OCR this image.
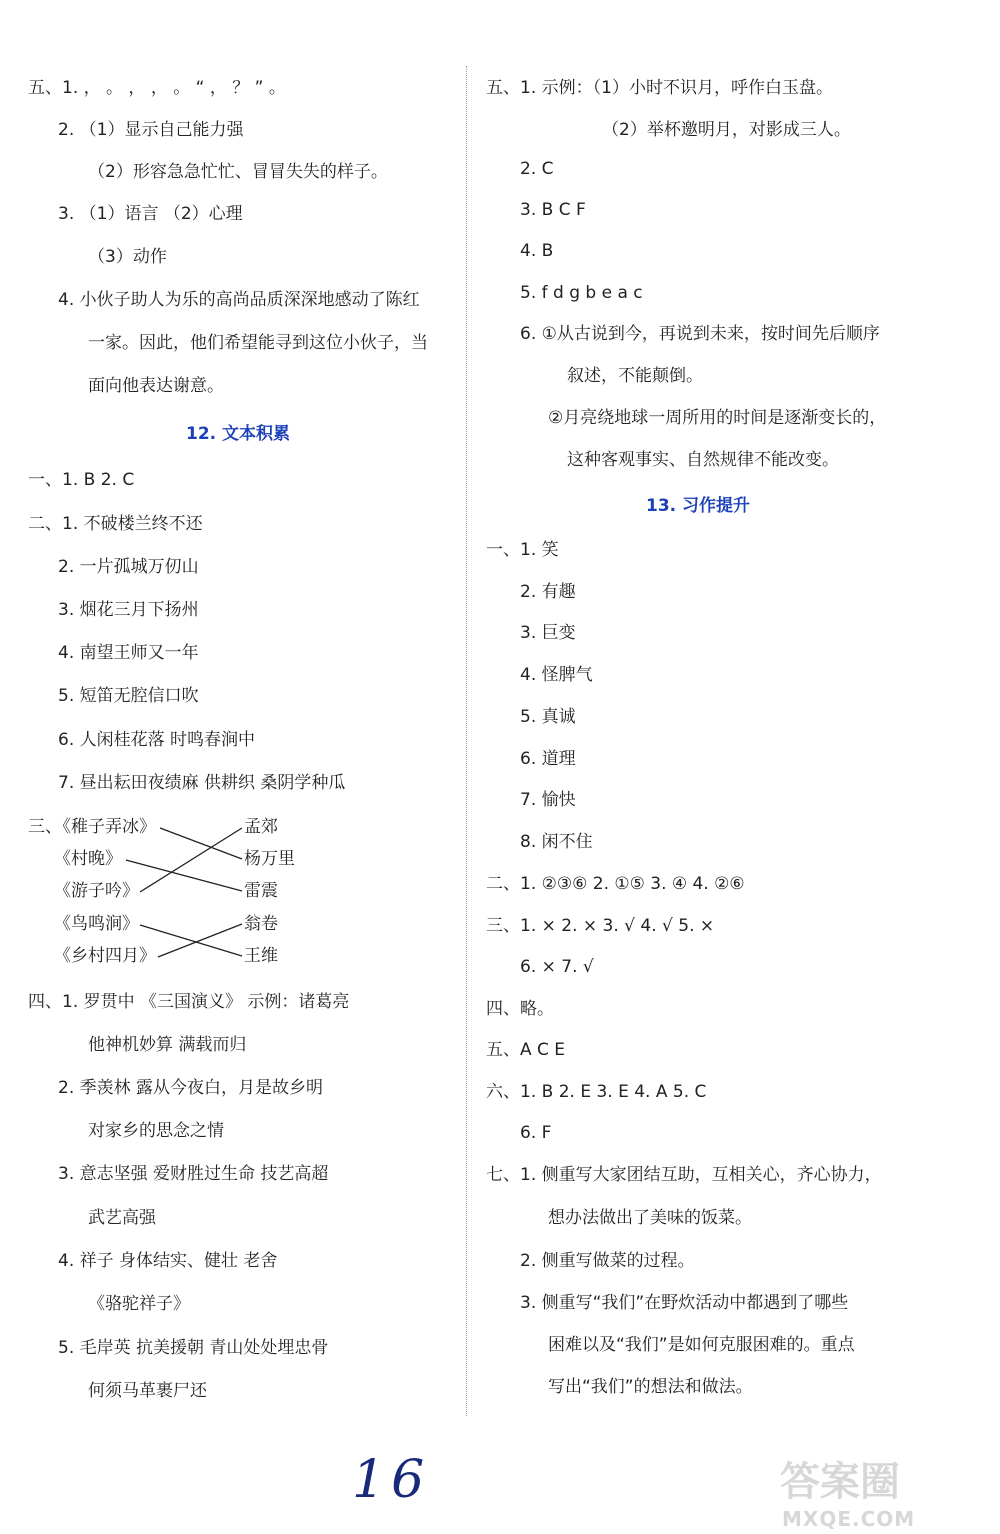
五、1. ， 。 ， ， 。 “ ， ？ ” 。
2. （1）显示自己能力强
（2）形容急急忙忙、冒冒失失的样子。
3. （1）语言 （2）心理
（3）动作
4. 小伙子助人为乐的高尚品质深深地感动了陈红
一家。因此，他们希望能寻到这位小伙子，当
面向他表达谢意。
12. 文本积累
一、1. B 2. C
二、1. 不破楼兰终不还
2. 一片孤城万仞山
3. 烟花三月下扬州
4. 南望王师又一年
5. 短笛无腔信口吹
6. 人闲桂花落 时鸣春涧中
7. 昼出耘田夜绩麻 供耕织 桑阴学种瓜
三、
《稚子弄冰》
《村晚》
《游子吟》
《鸟鸣涧》
《乡村四月》
孟郊
杨万里
雷震
翁卷
王维
四、1. 罗贯中 《三国演义》 示例：诸葛亮
他神机妙算 满载而归
2. 季羡林 露从今夜白，月是故乡明
对家乡的思念之情
3. 意志坚强 爱财胜过生命 技艺高超
武艺高强
4. 祥子 身体结实、健壮 老舍
《骆驼祥子》
5. 毛岸英 抗美援朝 青山处处埋忠骨
何须马革裹尸还
五、1. 示例：（1）小时不识月，呼作白玉盘。
（2）举杯邀明月，对影成三人。
2. C
3. B C F
4. B
5. f d g b e a c
6. ①从古说到今，再说到未来，按时间先后顺序
叙述，不能颠倒。
②月亮绕地球一周所用的时间是逐渐变长的，
这种客观事实、自然规律不能改变。
13. 习作提升
一、1. 笑
2. 有趣
3. 巨变
4. 怪脾气
5. 真诚
6. 道理
7. 愉快
8. 闲不住
二、1. ②③⑥ 2. ①⑤ 3. ④ 4. ②⑥
三、1. × 2. × 3. √ 4. √ 5. ×
6. × 7. √
四、略。
五、A C E
六、1. B 2. E 3. E 4. A 5. C
6. F
七、1. 侧重写大家团结互助，互相关心，齐心协力，
想办法做出了美味的饭菜。
2. 侧重写做菜的过程。
3. 侧重写“我们”在野炊活动中都遇到了哪些
困难以及“我们”是如何克服困难的。重点
写出“我们”的想法和做法。
16	答案圈
MXQE.COM
